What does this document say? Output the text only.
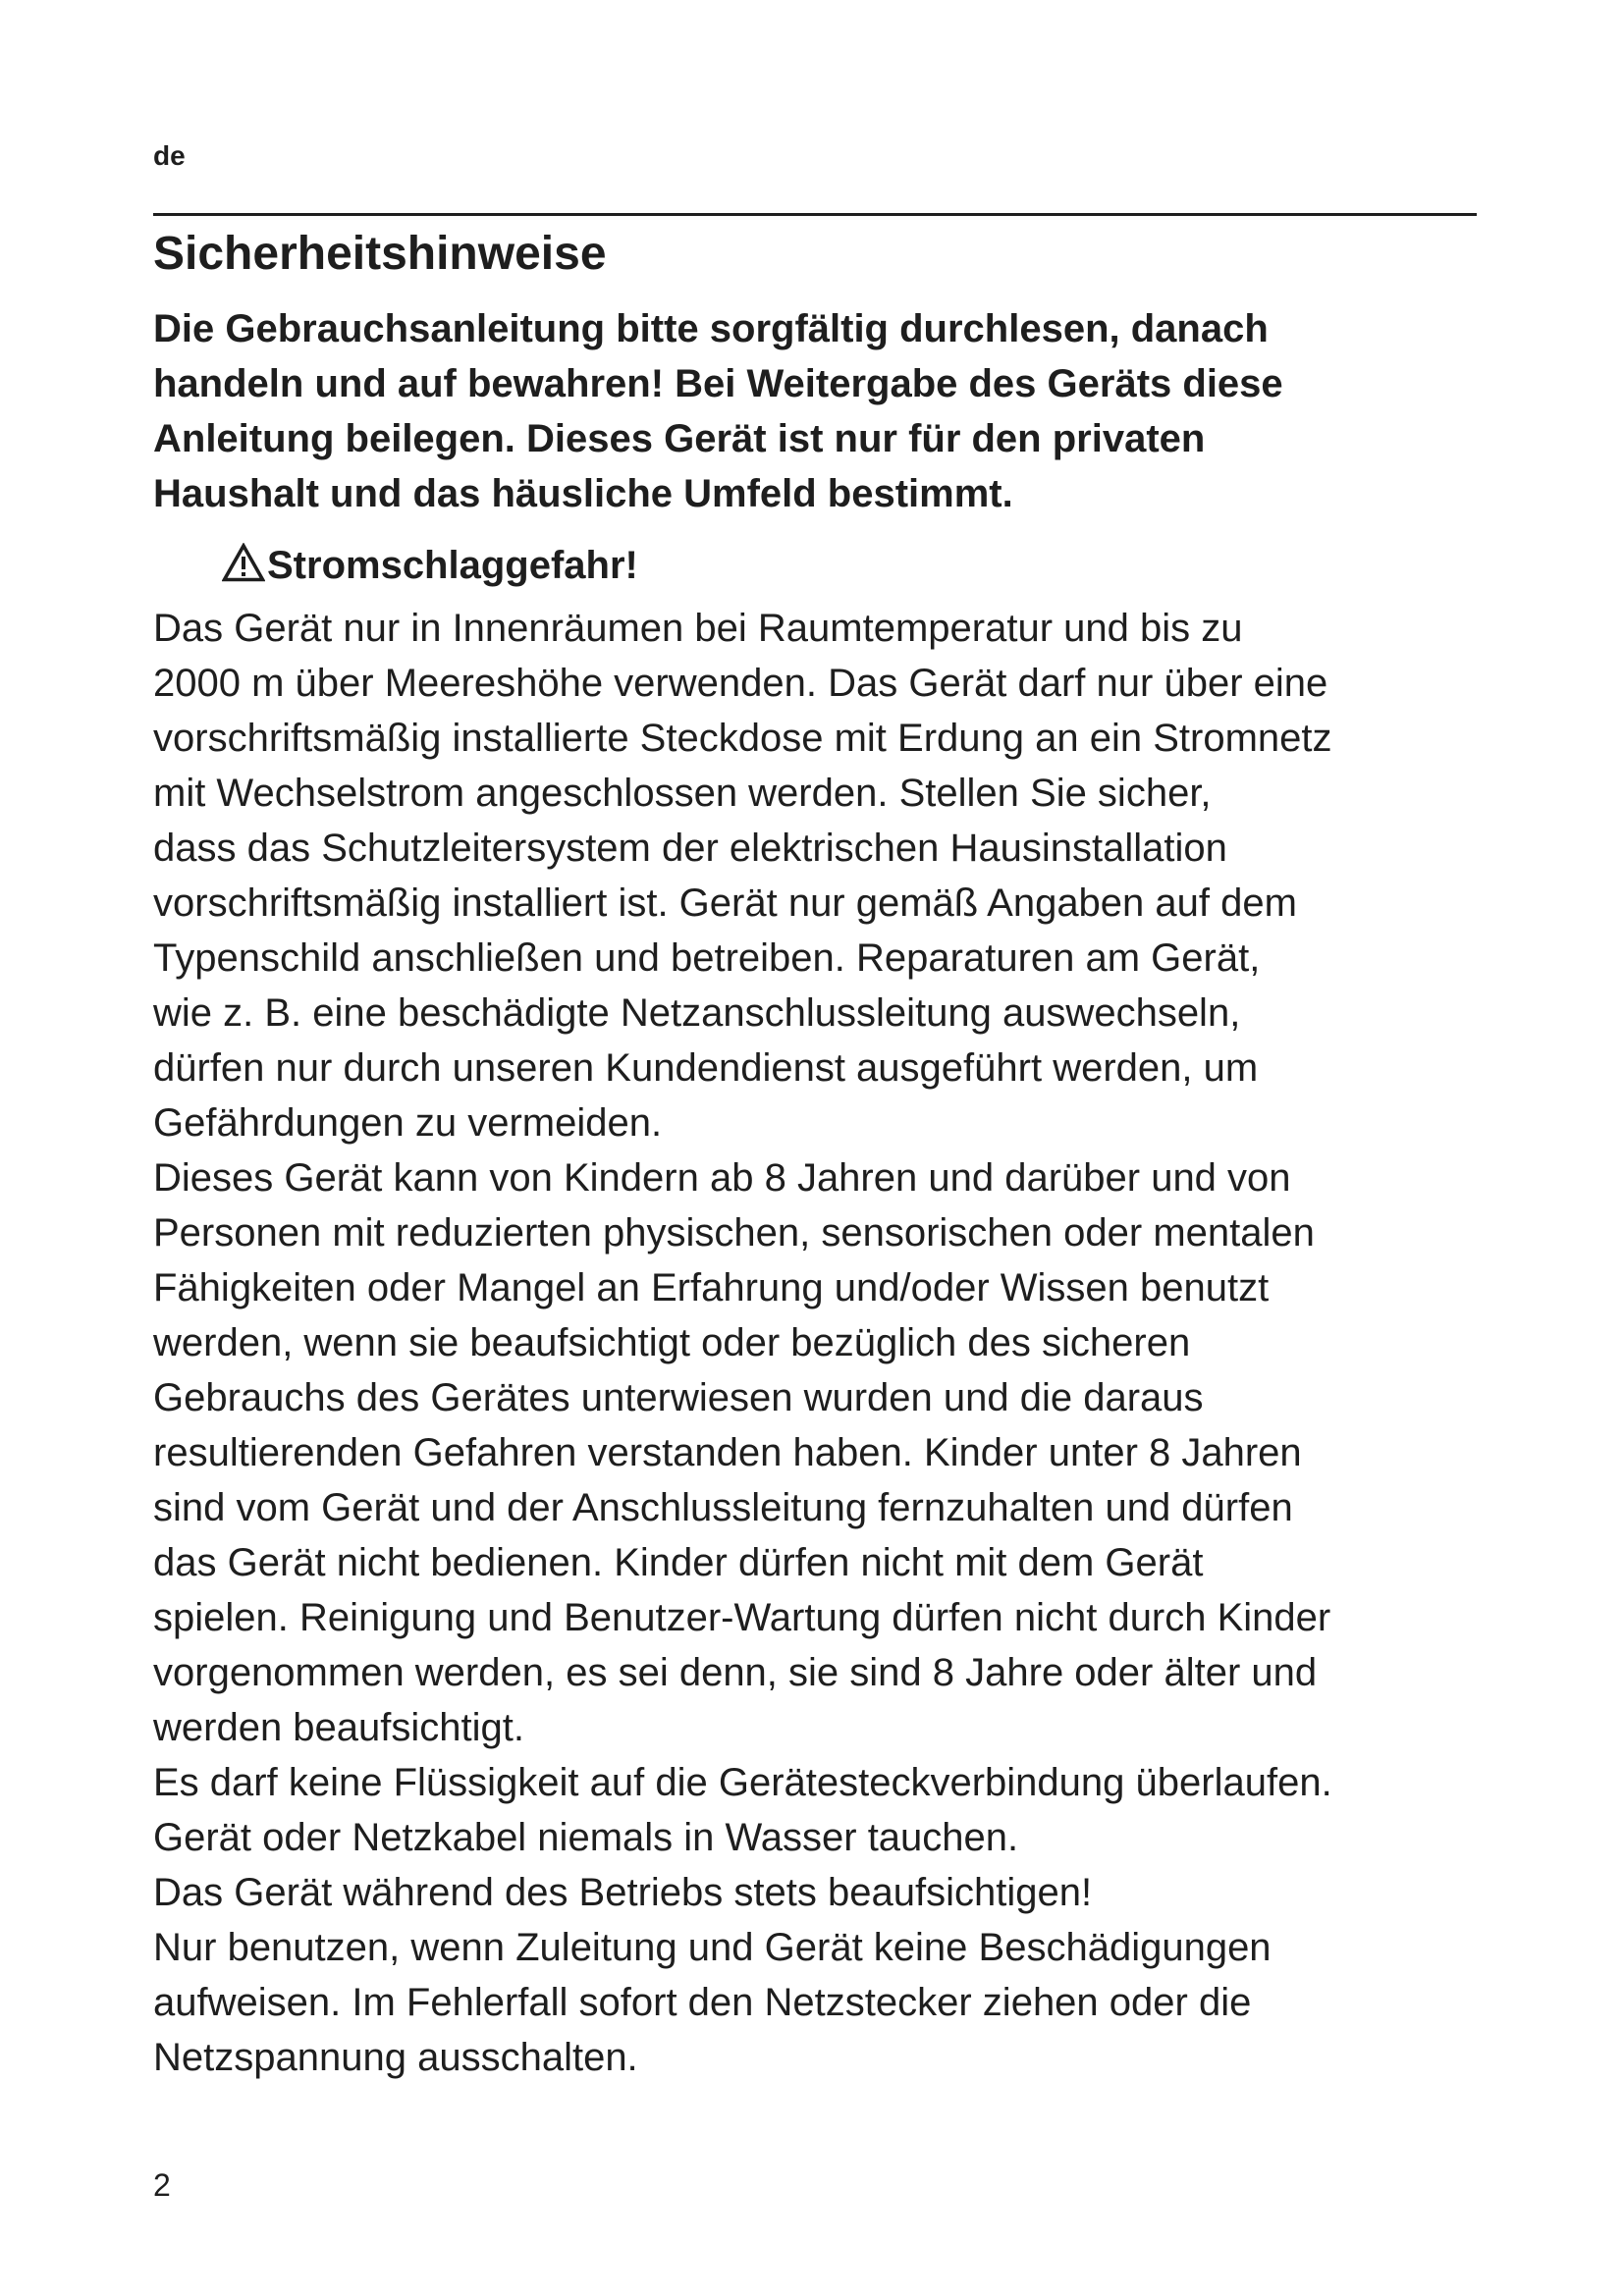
de
Sicherheitshinweise

Die Gebrauchsanleitung bitte sorgfältig durchlesen, danach
handeln und auf bewahren! Bei Weitergabe des Geräts diese
Anleitung beilegen. Dieses Gerät ist nur für den privaten
Haushalt und das häusliche Umfeld bestimmt.

Stromschlaggefahr!
Das Gerät nur in Innenräumen bei Raumtemperatur und bis zu
2000 m über Meereshöhe verwenden. Das Gerät darf nur über eine
vorschriftsmäßig installierte Steckdose mit Erdung an ein Stromnetz
mit Wechselstrom angeschlossen werden. Stellen Sie sicher,
dass das Schutzleitersystem der elektrischen Hausinstallation
vorschriftsmäßig installiert ist. Gerät nur gemäß Angaben auf dem
Typenschild anschließen und betreiben. Reparaturen am Gerät,
wie z. B. eine beschädigte Netzanschlussleitung auswechseln,
dürfen nur durch unseren Kundendienst ausgeführt werden, um
Gefährdungen zu vermeiden.
Dieses Gerät kann von Kindern ab 8 Jahren und darüber und von
Personen mit reduzierten physischen, sensorischen oder mentalen
Fähigkeiten oder Mangel an Erfahrung und/oder Wissen benutzt
werden, wenn sie beaufsichtigt oder bezüglich des sicheren
Gebrauchs des Gerätes unterwiesen wurden und die daraus
resultierenden Gefahren verstanden haben. Kinder unter 8 Jahren
sind vom Gerät und der Anschlussleitung fernzuhalten und dürfen
das Gerät nicht bedienen. Kinder dürfen nicht mit dem Gerät
spielen. Reinigung und Benutzer-Wartung dürfen nicht durch Kinder
vorgenommen werden, es sei denn, sie sind 8 Jahre oder älter und
werden beaufsichtigt.
Es darf keine Flüssigkeit auf die Gerätesteckverbindung überlaufen.
Gerät oder Netzkabel niemals in Wasser tauchen.
Das Gerät während des Betriebs stets beaufsichtigen!
Nur benutzen, wenn Zuleitung und Gerät keine Beschädigungen
aufweisen. Im Fehlerfall sofort den Netzstecker ziehen oder die
Netzspannung ausschalten.
2
